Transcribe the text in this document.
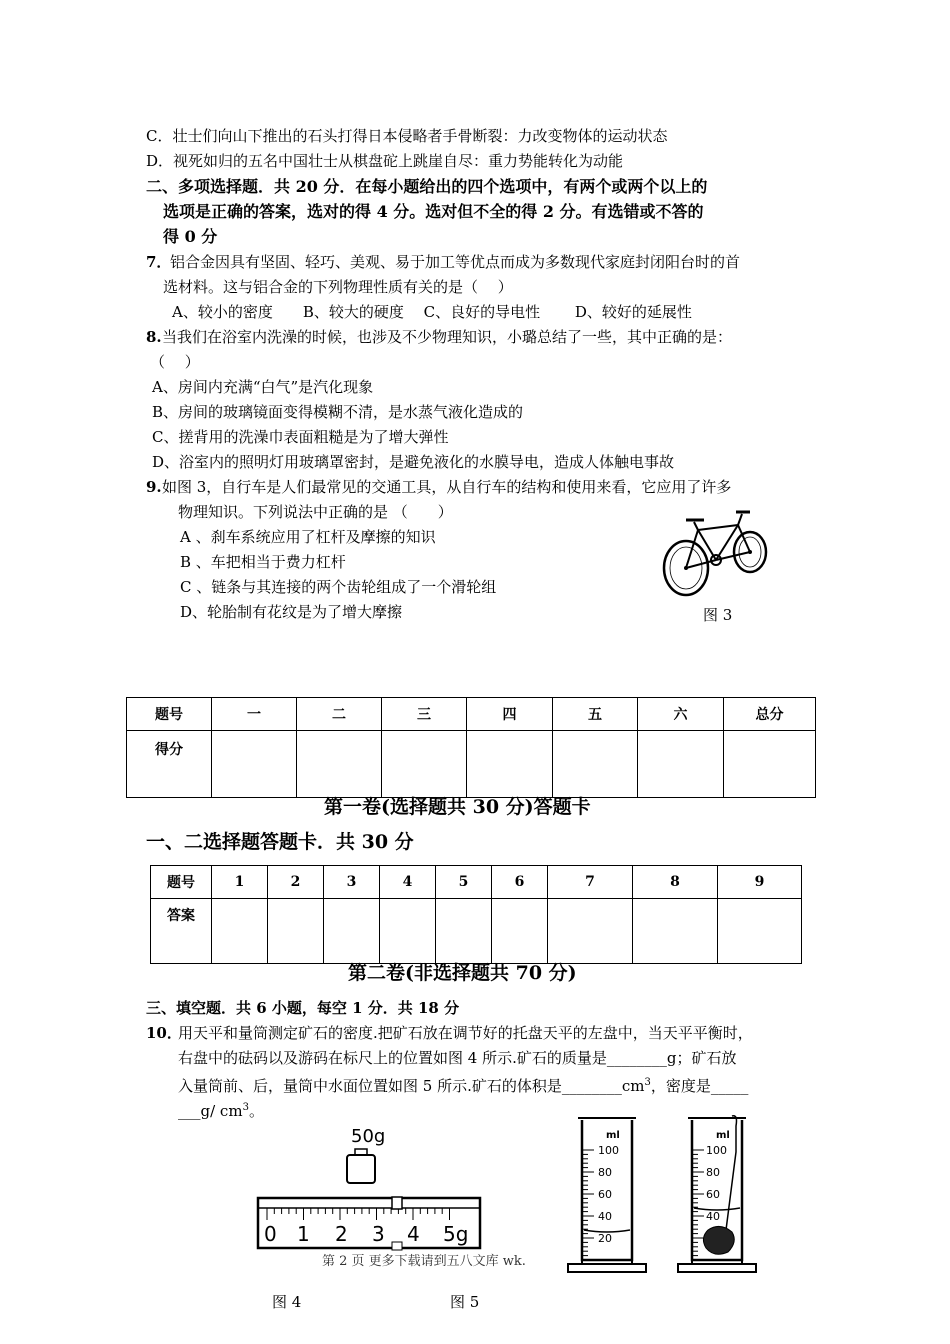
C．壮士们向山下推出的石头打得日本侵略者手骨断裂：力改变物体的运动状态
D．视死如归的五名中国壮士从棋盘砣上跳崖自尽：重力势能转化为动能
二、多项选择题．共 20 分．在每小题给出的四个选项中，有两个或两个以上的
选项是正确的答案，选对的得 4 分。选对但不全的得 2 分。有选错或不答的
得 0 分
7．
铝合金因具有坚固、轻巧、美观、易于加工等优点而成为多数现代家庭封闭阳台时的首
选材料。这与铝合金的下列物理性质有关的是（　 ）
A、较小的密度　　B、较大的硬度　 C、良好的导电性　　 D、较好的延展性
8. 当我们在浴室内洗澡的时候，也涉及不少物理知识，小璐总结了一些，其中正确的是：
（　 ）
A、房间内充满“白气”是汽化现象
B、房间的玻璃镜面变得模糊不清，是水蒸气液化造成的
C、搓背用的洗澡巾表面粗糙是为了增大弹性
D、浴室内的照明灯用玻璃罩密封，是避免液化的水膜导电，造成人体触电事故
9. 如图 3，自行车是人们最常见的交通工具，从自行车的结构和使用来看，它应用了许多
物理知识。下列说法中正确的是 （　　）
A 、刹车系统应用了杠杆及摩擦的知识
B 、车把相当于费力杠杆
C 、链条与其连接的两个齿轮组成了一个滑轮组
D、轮胎制有花纹是为了增大摩擦	图 3
题号	一	二	三	四	五	六	总分
得分							
第一卷(选择题共 30 分)答题卡
一、二选择题答题卡．共 30 分
题号	1	2	3	4	5	6	7	8	9
答案									
第二卷(非选择题共 70 分)
三、填空题．共 6 小题，每空 1 分．共 18 分
10．
用天平和量筒测定矿石的密度.把矿石放在调节好的托盘天平的左盘中，当天平平衡时，
右盘中的砝码以及游码在标尺上的位置如图 4 所示.矿石的质量是________g；矿石放
入量筒前、后，量筒中水面位置如图 5 所示.矿石的体积是$\_\_\_\_\_\_\_\_cm^3$，密度是_____
___g/ $cm^3$。
50g
0 1 2 3 4 5g
ml
100
80
60
40
20
ml
100
80
60
40
第 2 页 更多下载请到五八文库 wk.
图 4	图 5
